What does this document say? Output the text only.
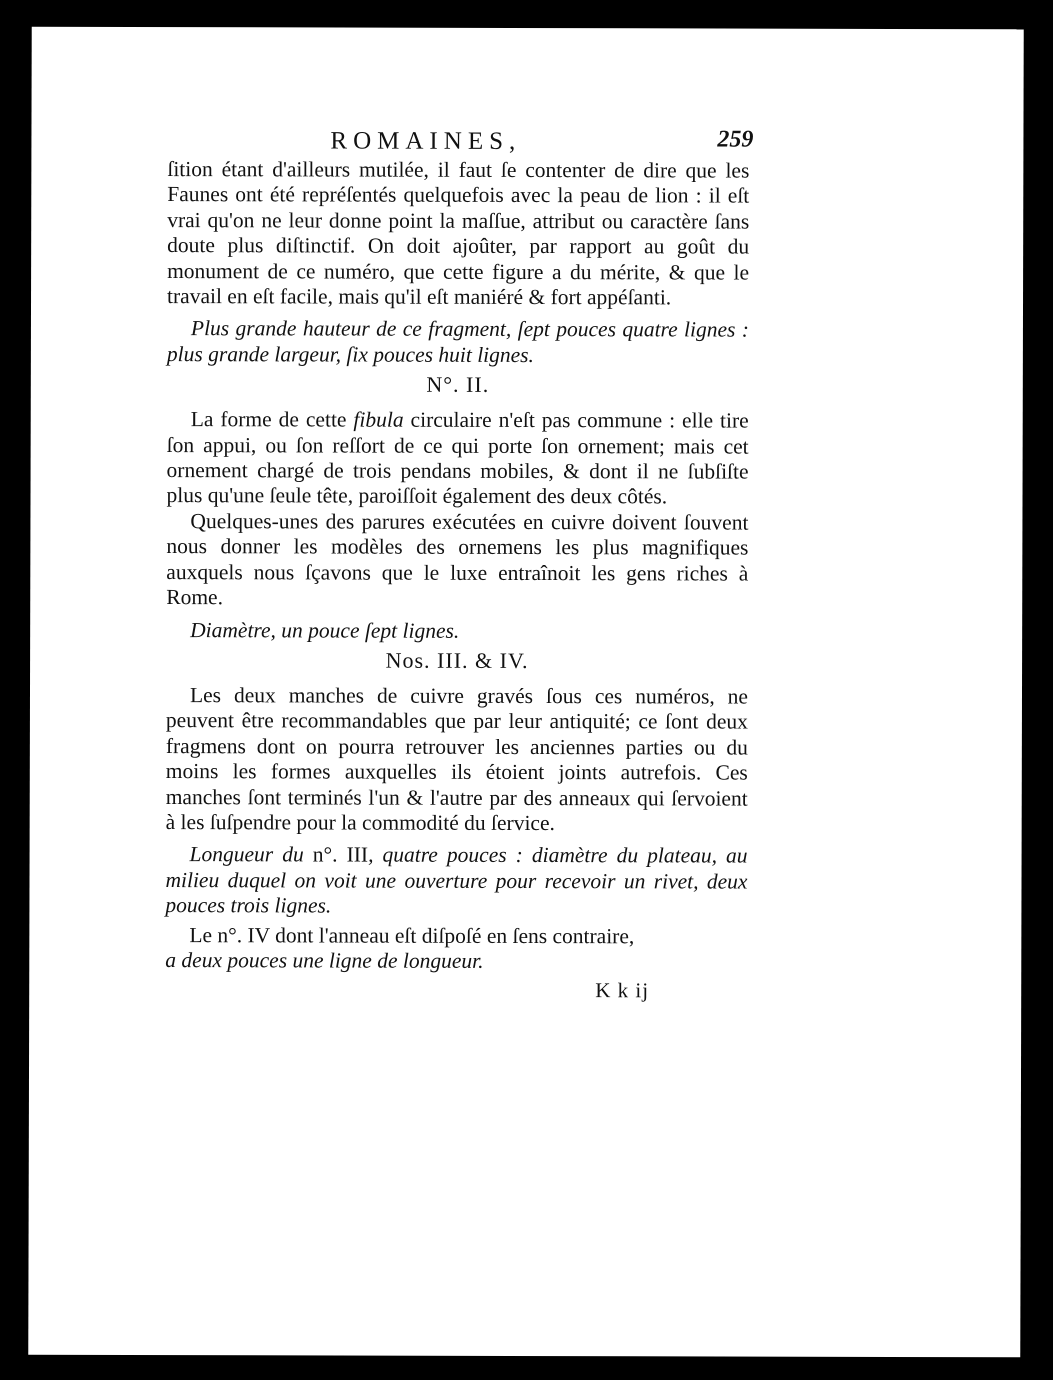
ROMAINES,	259

ſition étant d'ailleurs mutilée, il faut ſe contenter de dire que les Faunes ont été repréſentés quelquefois avec la peau de lion : il eſt vrai qu'on ne leur donne point la maſſue, attribut ou caractère ſans doute plus diſtinctif. On doit ajoûter, par rapport au goût du monument de ce numéro, que cette figure a du mérite, & que le travail en eſt facile, mais qu'il eſt maniéré & fort appéſanti.

Plus grande hauteur de ce fragment, ſept pouces quatre lignes : plus grande largeur, ſix pouces huit lignes.

N°. II.

La forme de cette fibula circulaire n'eſt pas commune : elle tire ſon appui, ou ſon reſſort de ce qui porte ſon ornement; mais cet ornement chargé de trois pendans mobiles, & dont il ne ſubſiſte plus qu'une ſeule tête, paroiſſoit également des deux côtés.

Quelques-unes des parures exécutées en cuivre doivent ſouvent nous donner les modèles des ornemens les plus magnifiques auxquels nous ſçavons que le luxe entraînoit les gens riches à Rome.

Diamètre, un pouce ſept lignes.

Nos. III. & IV.

Les deux manches de cuivre gravés ſous ces numéros, ne peuvent être recommandables que par leur antiquité; ce ſont deux fragmens dont on pourra retrouver les anciennes parties ou du moins les formes auxquelles ils étoient joints autrefois. Ces manches ſont terminés l'un & l'autre par des anneaux qui ſervoient à les ſuſpendre pour la commodité du ſervice.

Longueur du n°. III, quatre pouces : diamètre du plateau, au milieu duquel on voit une ouverture pour recevoir un rivet, deux pouces trois lignes.

Le n°. IV dont l'anneau eſt diſpoſé en ſens contraire,

a deux pouces une ligne de longueur.

K k ij
